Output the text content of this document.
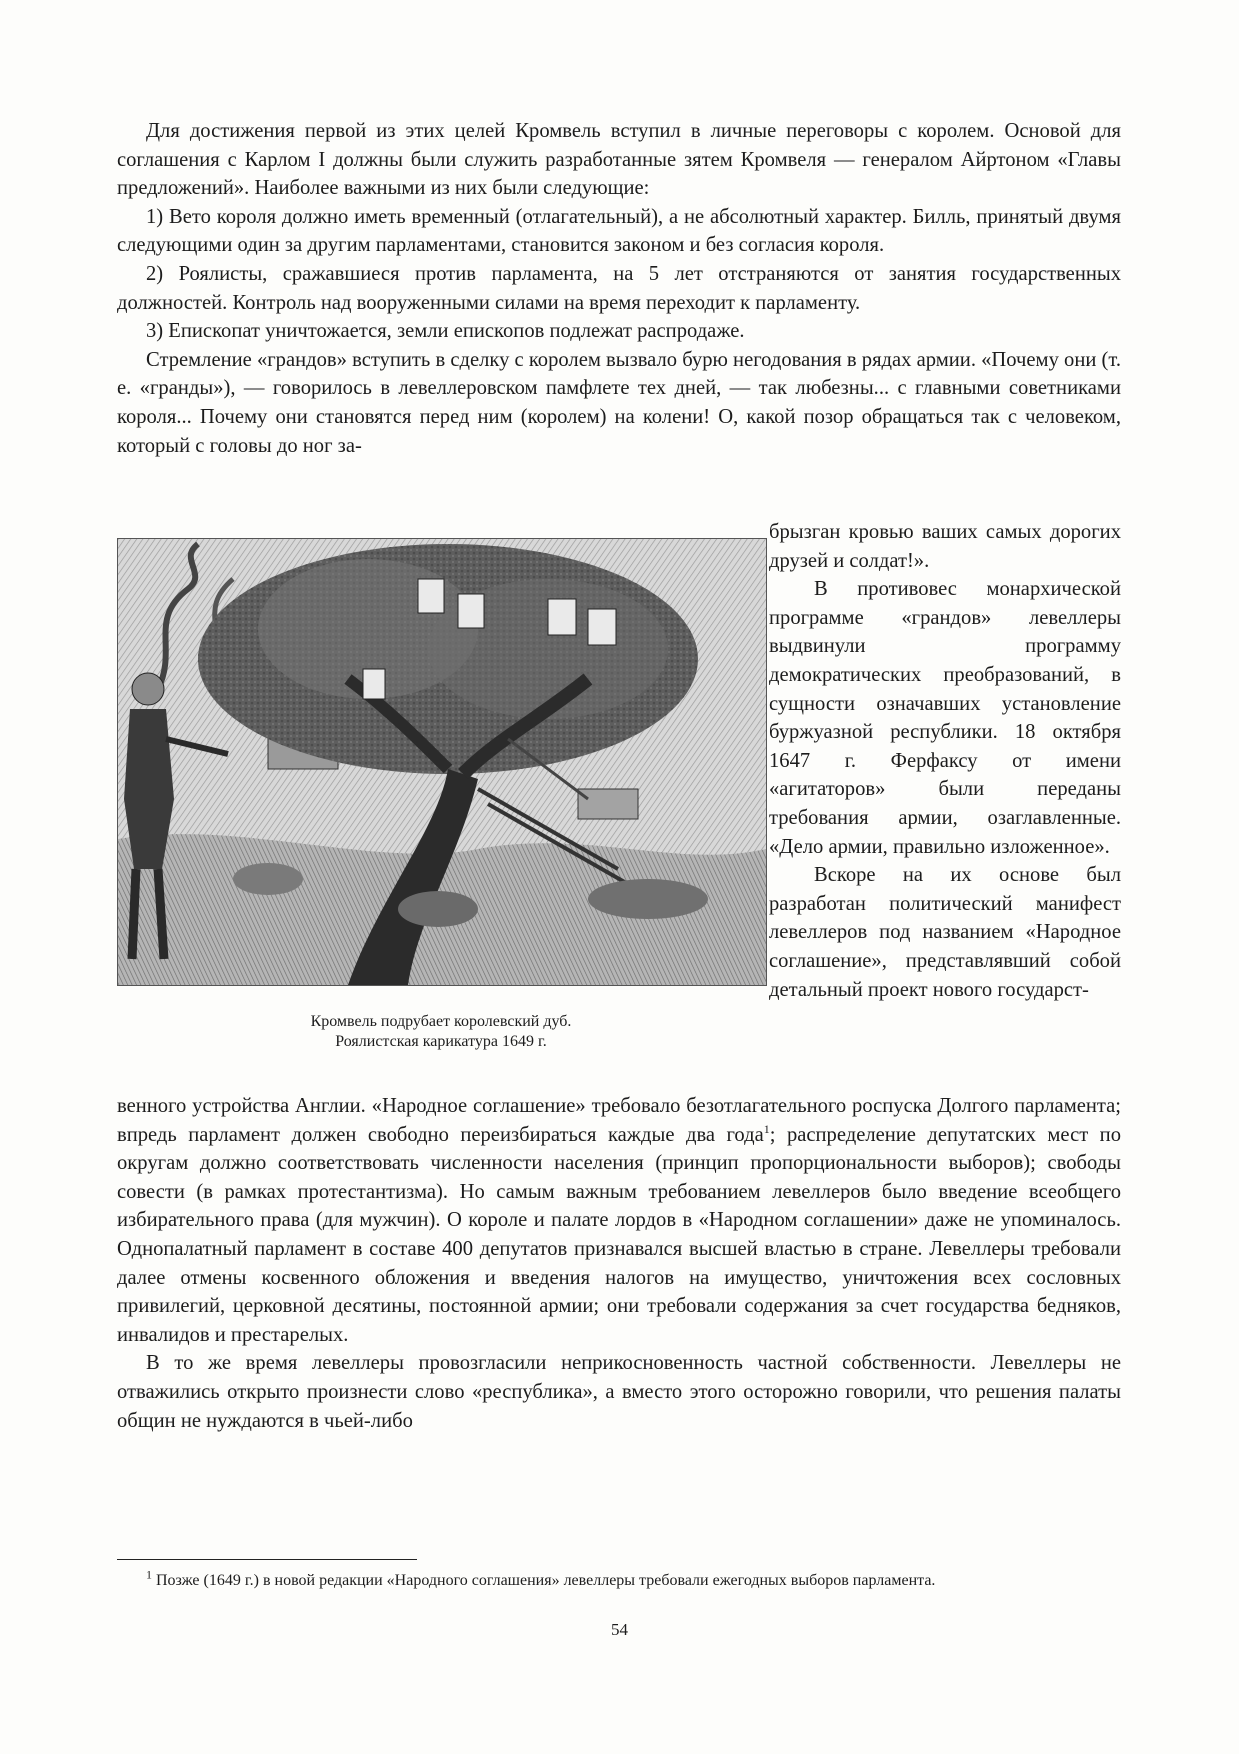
Для достижения первой из этих целей Кромвель вступил в личные переговоры с королем. Основой для соглашения с Карлом I должны были служить разработанные зятем Кромвеля — генералом Айртоном «Главы предложений». Наиболее важными из них были следующие:

1) Вето короля должно иметь временный (отлагательный), а не абсолютный характер. Билль, принятый двумя следующими один за другим парламентами, становится законом и без согласия короля.

2) Роялисты, сражавшиеся против парламента, на 5 лет отстраняются от занятия государственных должностей. Контроль над вооруженными силами на время переходит к парламенту.

3) Епископат уничтожается, земли епископов подлежат распродаже.

Стремление «грандов» вступить в сделку с королем вызвало бурю негодования в рядах армии. «Почему они (т. е. «гранды»), — говорилось в левеллеровском памфлете тех дней, — так любезны... с главными советниками короля... Почему они становятся перед ним (королем) на колени! О, какой позор обращаться так с человеком, который с головы до ног за-

Кромвель подрубает королевский дуб.
Роялистская карикатура 1649 г.

брызган кровью ваших самых дорогих друзей и солдат!».

В противовес монархической программе «грандов» левеллеры выдвинули программу демократических преобразований, в сущности означавших установление буржуазной республики. 18 октября 1647 г. Ферфаксу от имени «агитаторов» были переданы требования армии, озаглавленные. «Дело армии, правильно изложенное».

Вскоре на их основе был разработан политический манифест левеллеров под названием «Народное соглашение», представлявший собой детальный проект нового государст-

венного устройства Англии. «Народное соглашение» требовало безотлагательного роспуска Долгого парламента; впредь парламент должен свободно переизбираться каждые два года$^1$; распределение депутатских мест по округам должно соответствовать численности населения (принцип пропорциональности выборов); свободы совести (в рамках протестантизма). Но самым важным требованием левеллеров было введение всеобщего избирательного права (для мужчин). О короле и палате лордов в «Народном соглашении» даже не упоминалось. Однопалатный парламент в составе 400 депутатов признавался высшей властью в стране. Левеллеры требовали далее отмены косвенного обложения и введения налогов на имущество, уничтожения всех сословных привилегий, церковной десятины, постоянной армии; они требовали содержания за счет государства бедняков, инвалидов и престарелых.

В то же время левеллеры провозгласили неприкосновенность частной собственности. Левеллеры не отважились открыто произнести слово «республика», а вместо этого осторожно говорили, что решения палаты общин не нуждаются в чьей-либо

$^1$ Позже (1649 г.) в новой редакции «Народного соглашения» левеллеры требовали ежегодных выборов парламента.
54
